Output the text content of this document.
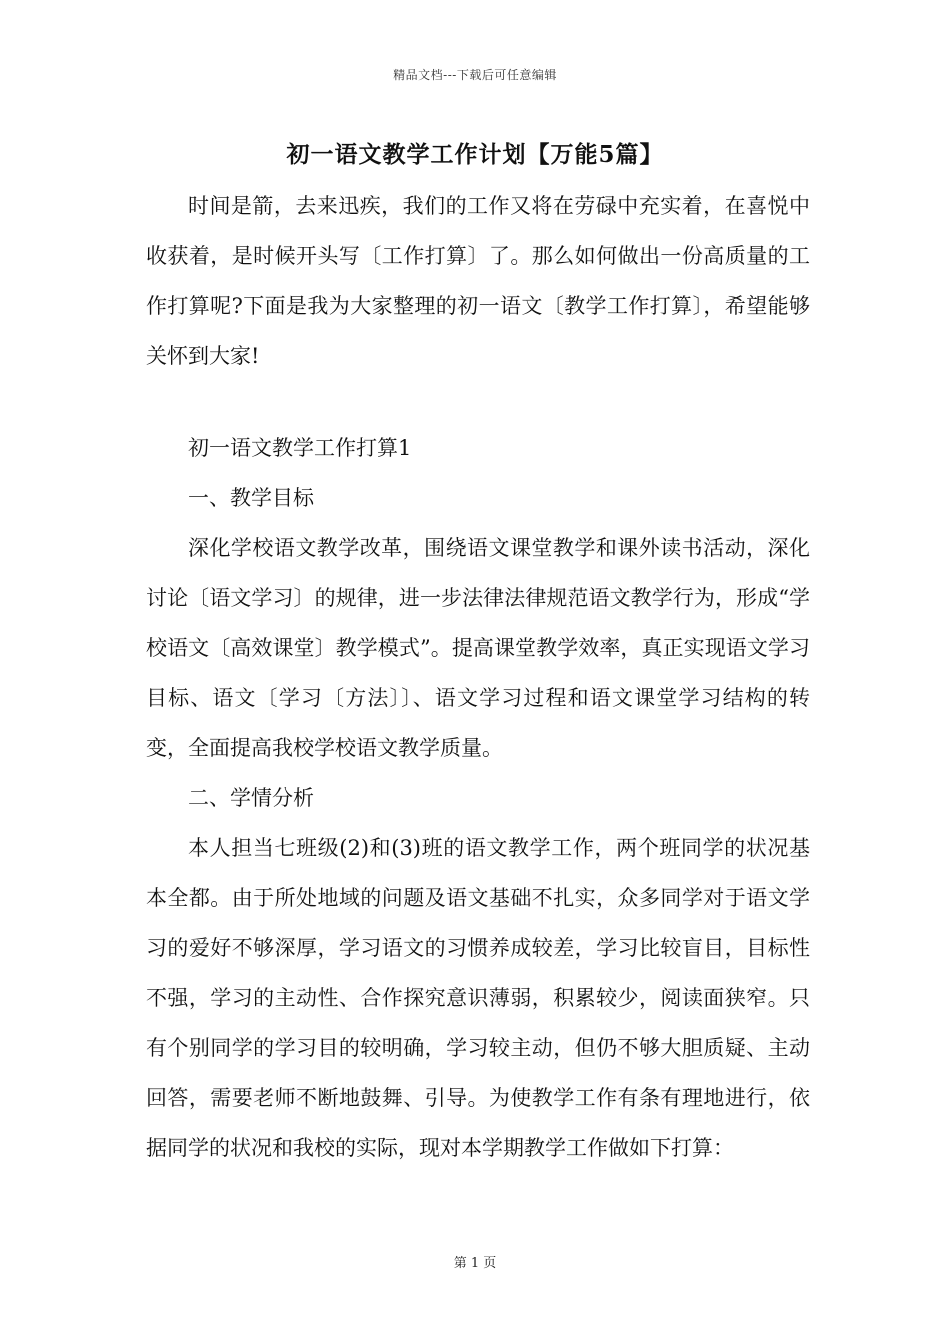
精品文档---下载后可任意编辑
初一语文教学工作计划【万能5篇】

时间是箭，去来迅疾，我们的工作又将在劳碌中充实着，在喜悦中收获着，是时候开头写〔工作打算〕了。那么如何做出一份高质量的工作打算呢?下面是我为大家整理的初一语文〔教学工作打算〕，希望能够关怀到大家!

初一语文教学工作打算1

一、教学目标

深化学校语文教学改革，围绕语文课堂教学和课外读书活动，深化讨论〔语文学习〕的规律，进一步法律法律规范语文教学行为，形成“学校语文〔高效课堂〕教学模式”。提高课堂教学效率，真正实现语文学习目标、语文〔学习〔方法〕〕、语文学习过程和语文课堂学习结构的转变，全面提高我校学校语文教学质量。

二、学情分析

本人担当七班级(2)和(3)班的语文教学工作，两个班同学的状况基本全都。由于所处地域的问题及语文基础不扎实，众多同学对于语文学习的爱好不够深厚，学习语文的习惯养成较差，学习比较盲目，目标性不强，学习的主动性、合作探究意识薄弱，积累较少，阅读面狭窄。只有个别同学的学习目的较明确，学习较主动，但仍不够大胆质疑、主动回答，需要老师不断地鼓舞、引导。为使教学工作有条有理地进行，依据同学的状况和我校的实际，现对本学期教学工作做如下打算：

第 1 页
